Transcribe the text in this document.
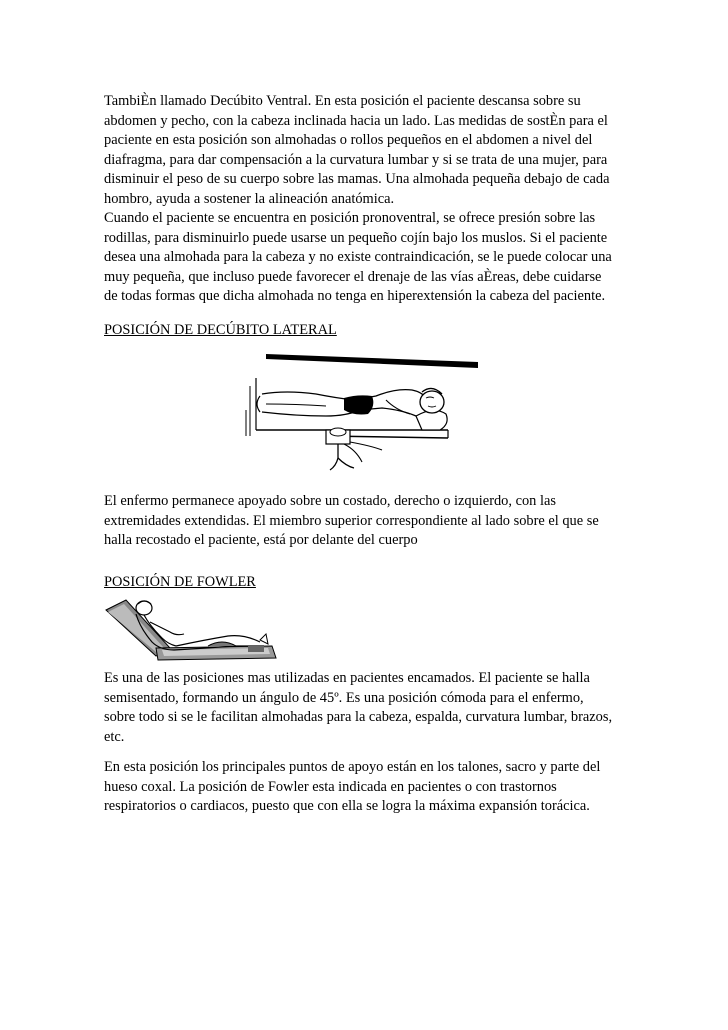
TambiÈn llamado Decúbito Ventral. En esta posición el paciente descansa sobre su
abdomen y pecho, con la cabeza inclinada hacia un lado. Las medidas de sostÈn para el
paciente en esta posición son almohadas o rollos pequeños en el abdomen a nivel del
diafragma, para dar compensación a la curvatura lumbar y si se trata de una mujer, para
disminuir el peso de su cuerpo sobre las mamas. Una almohada pequeña debajo de cada
hombro, ayuda a sostener la alineación anatómica.

Cuando el paciente se encuentra en posición pronoventral, se ofrece presión sobre las
rodillas, para disminuirlo puede usarse un pequeño cojín bajo los muslos. Si el paciente
desea una almohada para la cabeza y no existe contraindicación, se le puede colocar una
muy pequeña, que incluso puede favorecer el drenaje de las vías aÈreas, debe cuidarse
de todas formas que dicha almohada no tenga en hiperextensión la cabeza del paciente.

POSICIÓN DE DECÚBITO LATERAL

El enfermo permanece apoyado sobre un costado, derecho o izquierdo, con las
extremidades extendidas. El miembro superior correspondiente al lado sobre el que se
halla recostado el paciente, está por delante del cuerpo

POSICIÓN DE FOWLER

Es una de las posiciones mas utilizadas en pacientes encamados. El paciente se halla
semisentado, formando un ángulo de 45º. Es una posición cómoda para el enfermo,
sobre todo si se le facilitan almohadas para la cabeza, espalda, curvatura lumbar, brazos,
etc.

En esta posición los principales puntos de apoyo están en los talones, sacro y parte del
hueso coxal. La posición de Fowler esta indicada en pacientes o con trastornos
respiratorios o cardiacos, puesto que con ella se logra la máxima expansión torácica.
